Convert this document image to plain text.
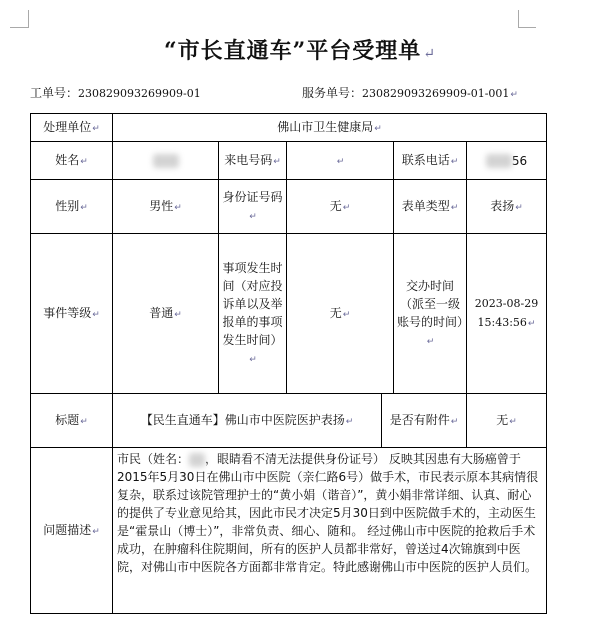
“市长直通车”平台受理单 ↵
工单号：230829093269909-01	服务单号：230829093269909-01-001↵
处理单位↵	佛山市卫生健康局↵					
姓名↵		来电号码↵	↵		联系电话↵	56
性别↵	男性↵	身份证号码↵	无↵		表单类型↵	表扬↵
事件等级↵	普通↵	事项发生时间（对应投诉单以及举报单的事项发生时间）↵	无↵		交办时间（派至一级账号的时间）↵	2023-08-29
15:43:56↵
标题↵	【民生直通车】佛山市中医院医护表扬↵			是否有附件↵		无↵
问题描述↵	市民（姓名： ，眼睛看不清无法提供身份证号） 反映其因患有大肠癌曾于2015年5月30日在佛山市中医院（亲仁路6号）做手术，市民表示原本其病情很复杂，联系过该院管理护士的“黄小娟（谐音）”，黄小娟非常详细、认真、耐心的提供了专业意见给其，因此市民才决定5月30日到中医院做手术的，主动医生是“霍景山（博士）”，非常负责、细心、随和。 经过佛山市中医院的抢救后手术成功，在肿瘤科住院期间，所有的医护人员都非常好，曾送过4次锦旗到中医院，对佛山市中医院各方面都非常肯定。特此感谢佛山市中医院的医护人员们。					
